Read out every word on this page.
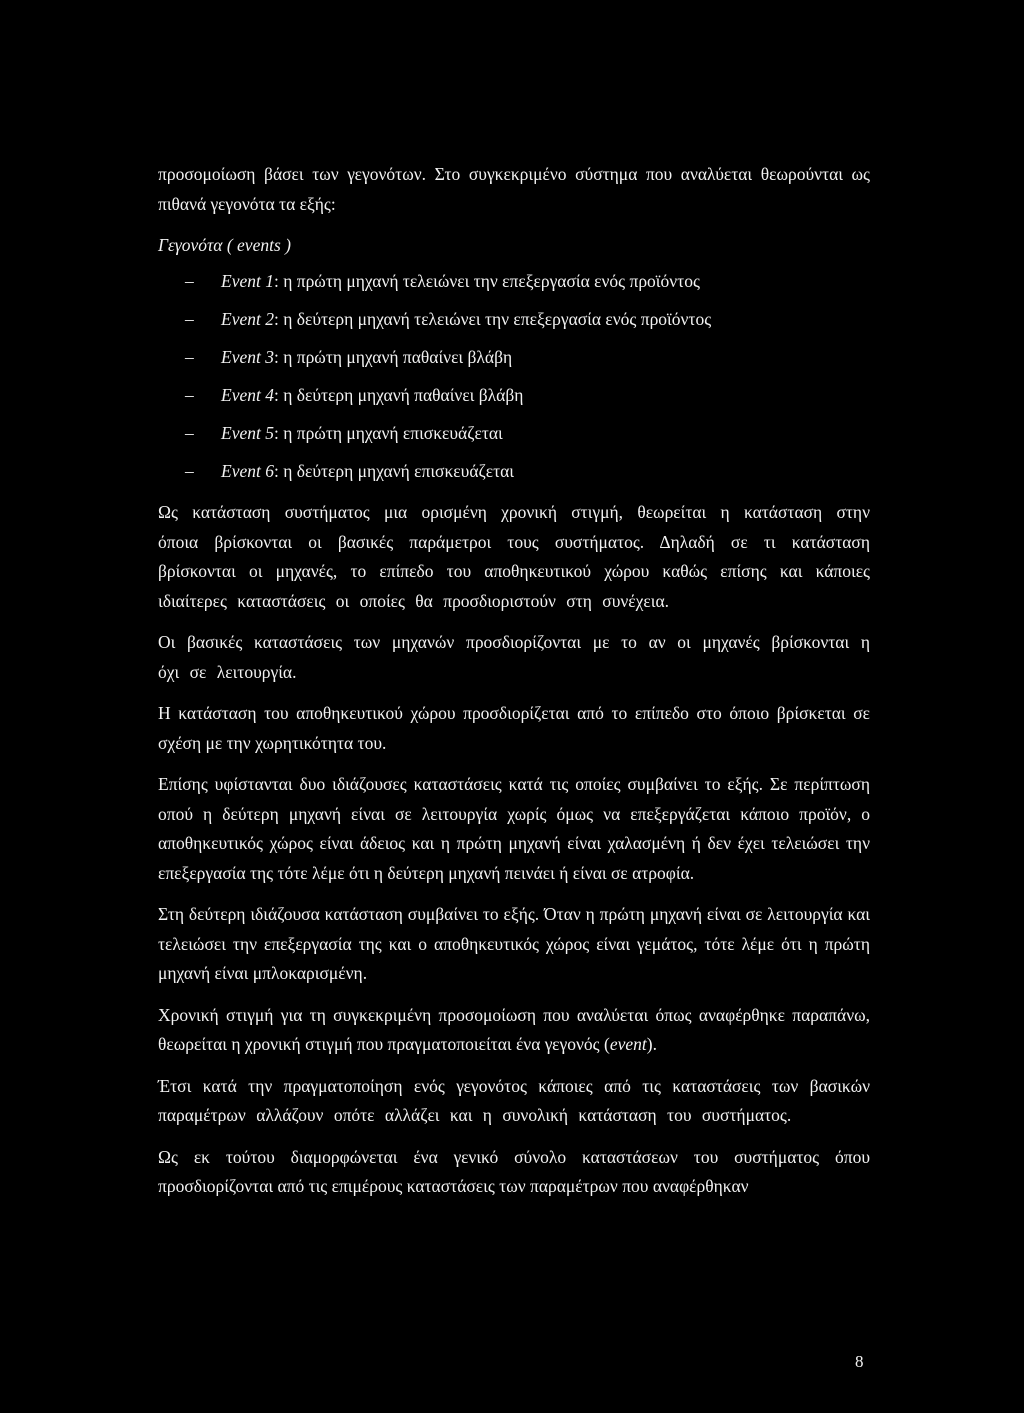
προσομοίωση βάσει των γεγονότων. Στο συγκεκριμένο σύστημα που αναλύεται θεωρούνται ως πιθανά γεγονότα τα εξής:

Γεγονότα ( events )

– Event 1: η πρώτη μηχανή τελειώνει την επεξεργασία ενός προϊόντος
– Event 2: η δεύτερη μηχανή τελειώνει την επεξεργασία ενός προϊόντος
– Event 3: η πρώτη μηχανή παθαίνει βλάβη
– Event 4: η δεύτερη μηχανή παθαίνει βλάβη
– Event 5: η πρώτη μηχανή επισκευάζεται
– Event 6: η δεύτερη μηχανή επισκευάζεται

Ως κατάσταση συστήματος μια ορισμένη χρονική στιγμή, θεωρείται η κατάσταση στην όποια βρίσκονται οι βασικές παράμετροι τους συστήματος. Δηλαδή σε τι κατάσταση βρίσκονται οι μηχανές, το επίπεδο του αποθηκευτικού χώρου καθώς επίσης και κάποιες ιδιαίτερες καταστάσεις οι οποίες θα προσδιοριστούν στη συνέχεια.

Οι βασικές καταστάσεις των μηχανών προσδιορίζονται με το αν οι μηχανές βρίσκονται η όχι σε λειτουργία.

Η κατάσταση του αποθηκευτικού χώρου προσδιορίζεται από το επίπεδο στο όποιο βρίσκεται σε σχέση με την χωρητικότητα του.

Επίσης υφίστανται δυο ιδιάζουσες καταστάσεις κατά τις οποίες συμβαίνει το εξής. Σε περίπτωση οπού η δεύτερη μηχανή είναι σε λειτουργία χωρίς όμως να επεξεργάζεται κάποιο προϊόν, ο αποθηκευτικός χώρος είναι άδειος και η πρώτη μηχανή είναι χαλασμένη ή δεν έχει τελειώσει την επεξεργασία της τότε λέμε ότι η δεύτερη μηχανή πεινάει ή είναι σε ατροφία.

Στη δεύτερη ιδιάζουσα κατάσταση συμβαίνει το εξής. Όταν η πρώτη μηχανή είναι σε λειτουργία και τελειώσει την επεξεργασία της και ο αποθηκευτικός χώρος είναι γεμάτος, τότε λέμε ότι η πρώτη μηχανή είναι μπλοκαρισμένη.

Χρονική στιγμή για τη συγκεκριμένη προσομοίωση που αναλύεται όπως αναφέρθηκε παραπάνω, θεωρείται η χρονική στιγμή που πραγματοποιείται ένα γεγονός (event).

Έτσι κατά την πραγματοποίηση ενός γεγονότος κάποιες από τις καταστάσεις των βασικών παραμέτρων αλλάζουν οπότε αλλάζει και η συνολική κατάσταση του συστήματος.

Ως εκ τούτου διαμορφώνεται ένα γενικό σύνολο καταστάσεων του συστήματος όπου προσδιορίζονται από τις επιμέρους καταστάσεις των παραμέτρων που αναφέρθηκαν

8
